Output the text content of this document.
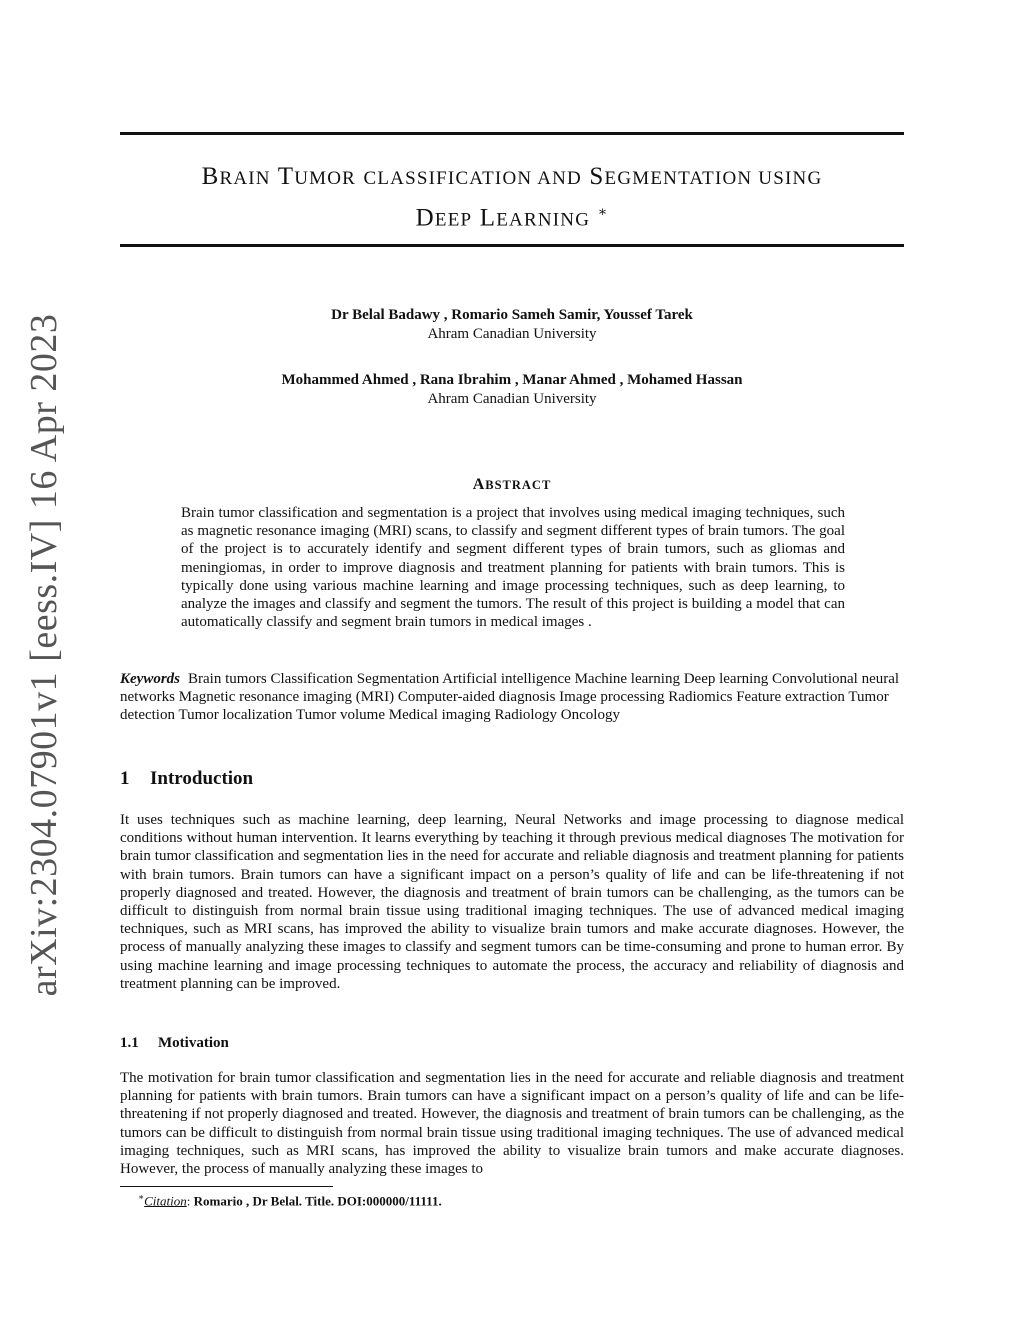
arXiv:2304.07901v1 [eess.IV] 16 Apr 2023
BRAIN TUMOR CLASSIFICATION AND SEGMENTATION USING
DEEP LEARNING ∗
Dr Belal Badawy , Romario Sameh Samir, Youssef Tarek
Ahram Canadian University
Mohammed Ahmed , Rana Ibrahim , Manar Ahmed , Mohamed Hassan
Ahram Canadian University
ABSTRACT
Brain tumor classification and segmentation is a project that involves using medical imaging techniques, such as magnetic resonance imaging (MRI) scans, to classify and segment different types of brain tumors. The goal of the project is to accurately identify and segment different types of brain tumors, such as gliomas and meningiomas, in order to improve diagnosis and treatment planning for patients with brain tumors. This is typically done using various machine learning and image processing techniques, such as deep learning, to analyze the images and classify and segment the tumors. The result of this project is building a model that can automatically classify and segment brain tumors in medical images .
Keywords Brain tumors Classification Segmentation Artificial intelligence Machine learning Deep learning Convolutional neural networks Magnetic resonance imaging (MRI) Computer-aided diagnosis Image processing Radiomics Feature extraction Tumor detection Tumor localization Tumor volume Medical imaging Radiology Oncology
1 Introduction
It uses techniques such as machine learning, deep learning, Neural Networks and image processing to diagnose medical conditions without human intervention. It learns everything by teaching it through previous medical diagnoses The motivation for brain tumor classification and segmentation lies in the need for accurate and reliable diagnosis and treatment planning for patients with brain tumors. Brain tumors can have a significant impact on a person’s quality of life and can be life-threatening if not properly diagnosed and treated. However, the diagnosis and treatment of brain tumors can be challenging, as the tumors can be difficult to distinguish from normal brain tissue using traditional imaging techniques. The use of advanced medical imaging techniques, such as MRI scans, has improved the ability to visualize brain tumors and make accurate diagnoses. However, the process of manually analyzing these images to classify and segment tumors can be time-consuming and prone to human error. By using machine learning and image processing techniques to automate the process, the accuracy and reliability of diagnosis and treatment planning can be improved.
1.1 Motivation
The motivation for brain tumor classification and segmentation lies in the need for accurate and reliable diagnosis and treatment planning for patients with brain tumors. Brain tumors can have a significant impact on a person’s quality of life and can be life-threatening if not properly diagnosed and treated. However, the diagnosis and treatment of brain tumors can be challenging, as the tumors can be difficult to distinguish from normal brain tissue using traditional imaging techniques. The use of advanced medical imaging techniques, such as MRI scans, has improved the ability to visualize brain tumors and make accurate diagnoses. However, the process of manually analyzing these images to
∗Citation: Romario , Dr Belal. Title. DOI:000000/11111.
